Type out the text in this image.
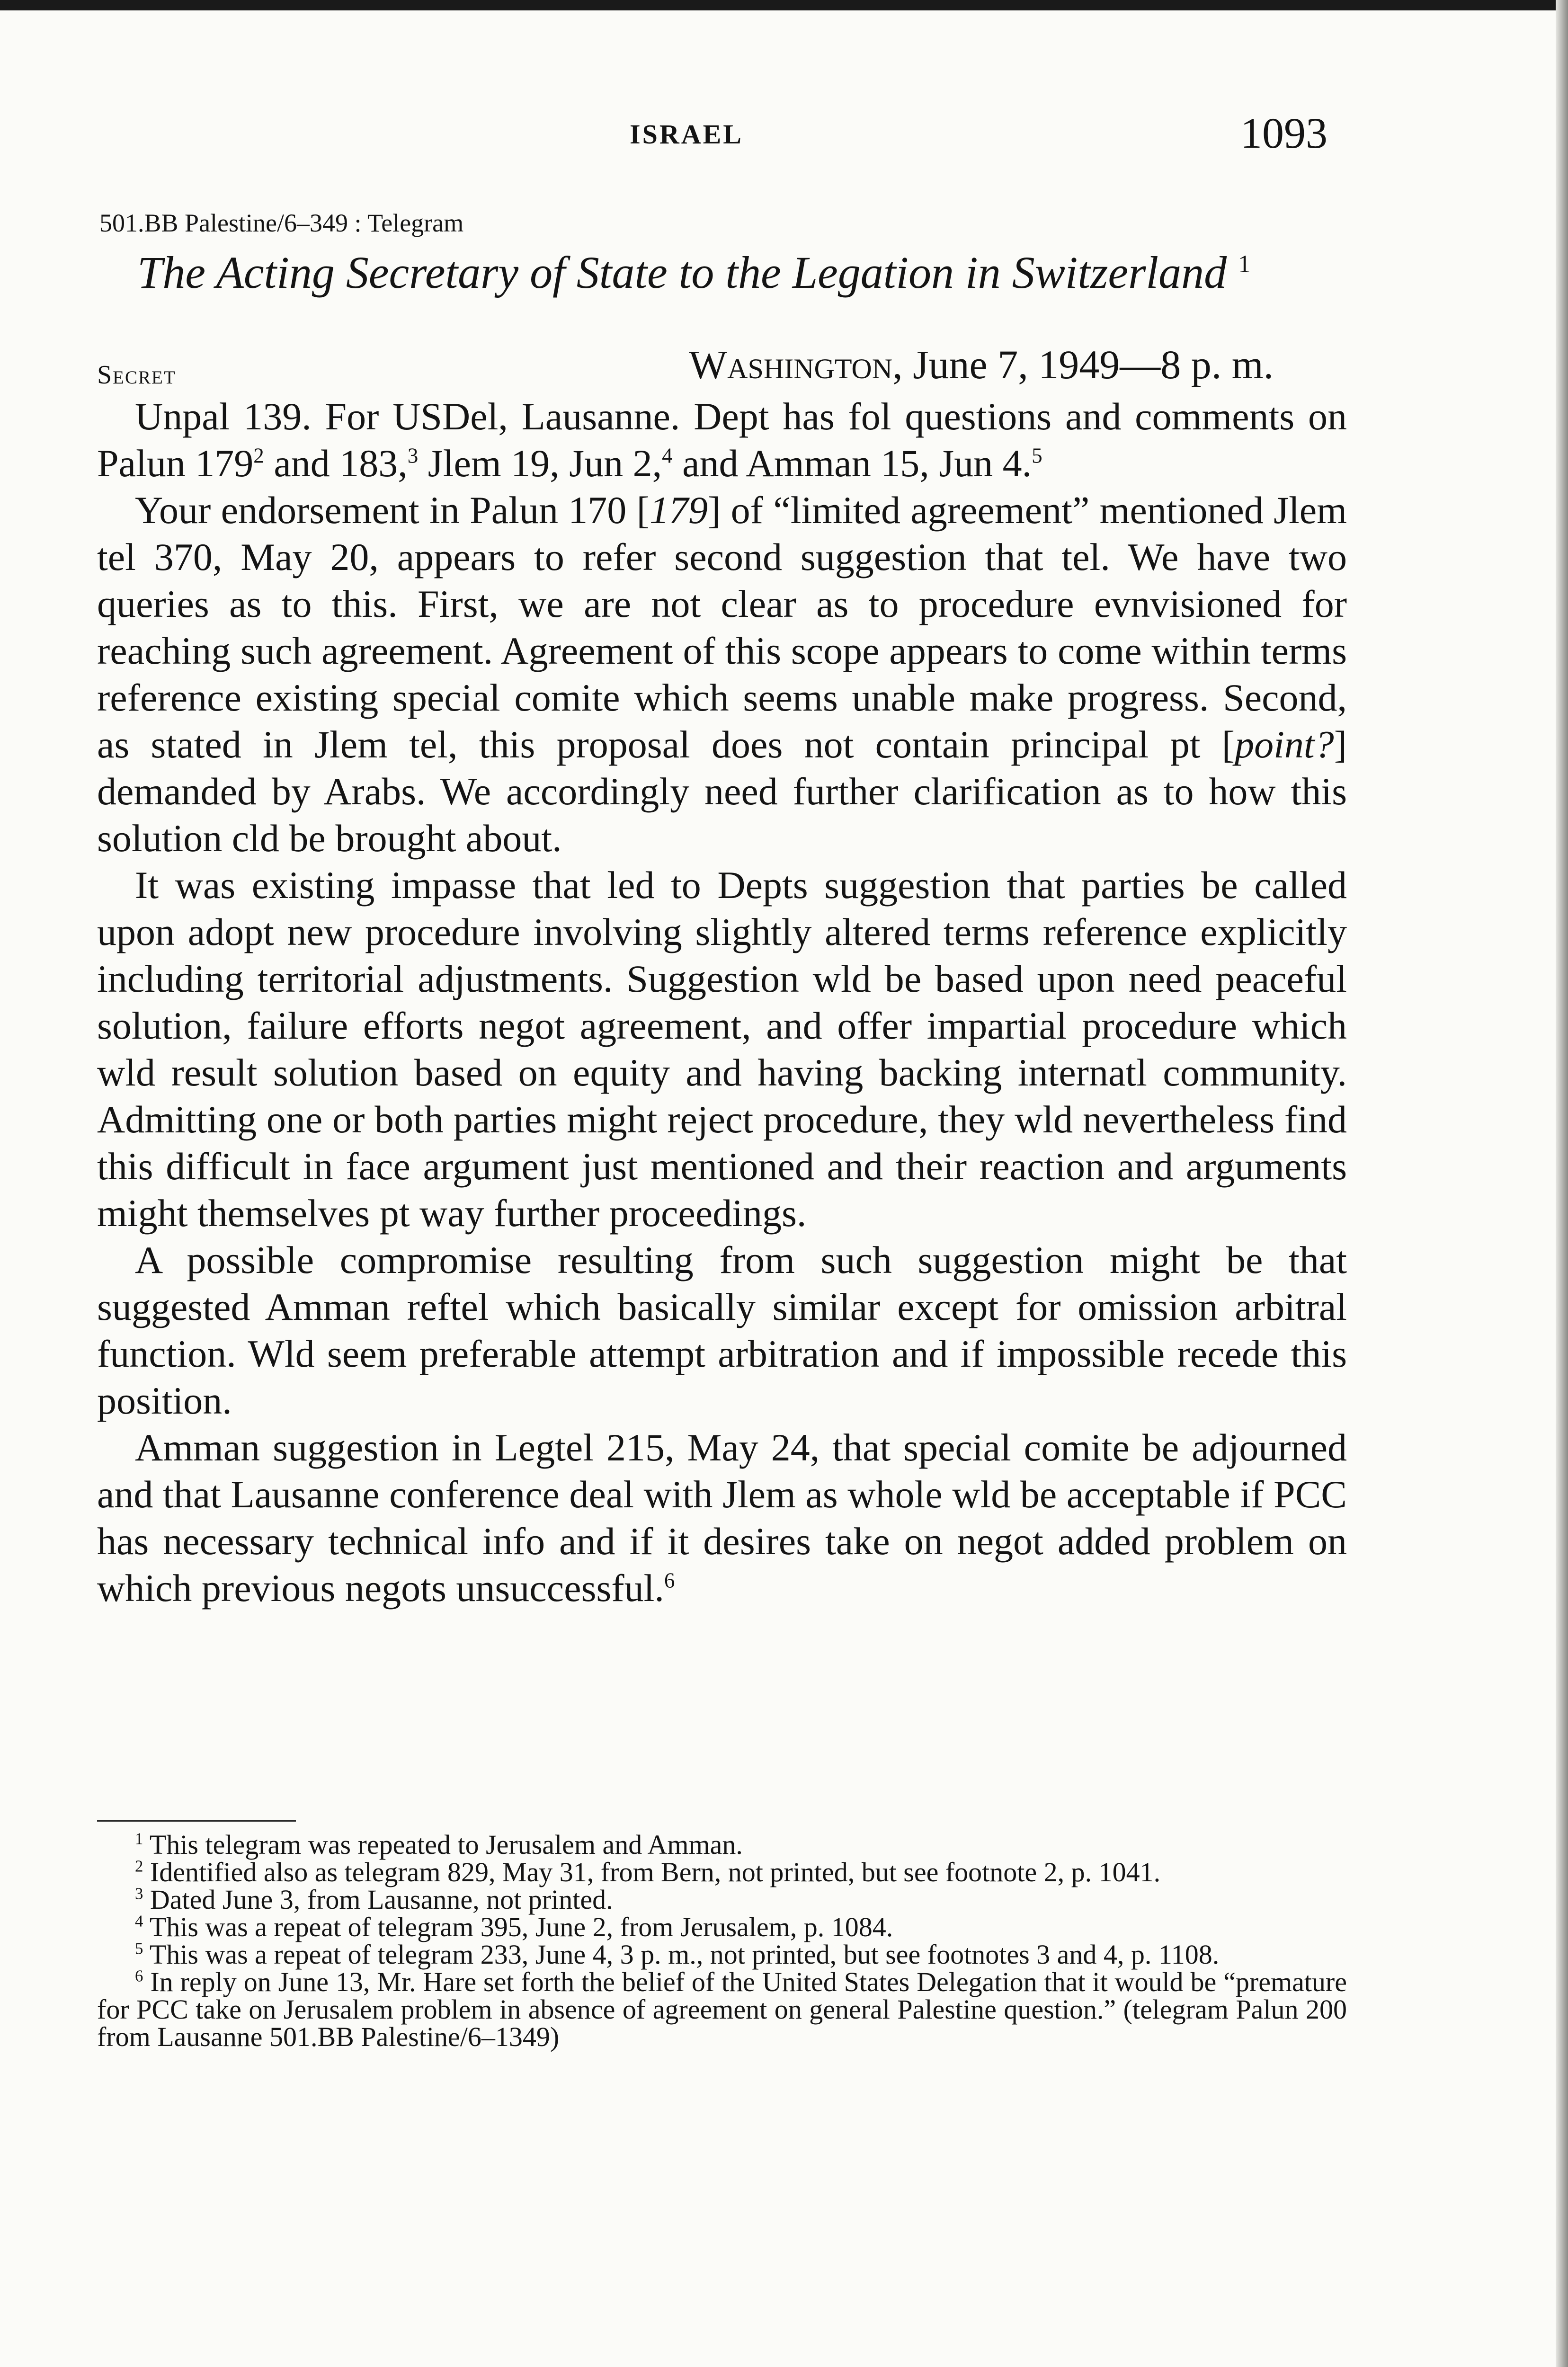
ISRAEL	1093
501.BB Palestine/6–349 : Telegram
The Acting Secretary of State to the Legation in Switzerland $^1$
Secret	Washington, June 7, 1949—8 p. m.

Unpal 139. For USDel, Lausanne. Dept has fol questions and comments on Palun 179$^2$ and 183,$^3$ Jlem 19, Jun 2,$^4$ and Amman 15, Jun 4.$^5$

Your endorsement in Palun 170 [179] of “limited agreement” mentioned Jlem tel 370, May 20, appears to refer second suggestion that tel. We have two queries as to this. First, we are not clear as to procedure evnvisioned for reaching such agreement. Agreement of this scope appears to come within terms reference existing special comite which seems unable make progress. Second, as stated in Jlem tel, this proposal does not contain principal pt [point?] demanded by Arabs. We accordingly need further clarification as to how this solution cld be brought about.

It was existing impasse that led to Depts suggestion that parties be called upon adopt new procedure involving slightly altered terms reference explicitly including territorial adjustments. Suggestion wld be based upon need peaceful solution, failure efforts negot agreement, and offer impartial procedure which wld result solution based on equity and having backing internatl community. Admitting one or both parties might reject procedure, they wld nevertheless find this difficult in face argument just mentioned and their reaction and arguments might themselves pt way further proceedings.

A possible compromise resulting from such suggestion might be that suggested Amman reftel which basically similar except for omission arbitral function. Wld seem preferable attempt arbitration and if impossible recede this position.

Amman suggestion in Legtel 215, May 24, that special comite be adjourned and that Lausanne conference deal with Jlem as whole wld be acceptable if PCC has necessary technical info and if it desires take on negot added problem on which previous negots unsuccessful.$^6$

$^1$ This telegram was repeated to Jerusalem and Amman.

$^2$ Identified also as telegram 829, May 31, from Bern, not printed, but see footnote 2, p. 1041.

$^3$ Dated June 3, from Lausanne, not printed.

$^4$ This was a repeat of telegram 395, June 2, from Jerusalem, p. 1084.

$^5$ This was a repeat of telegram 233, June 4, 3 p. m., not printed, but see footnotes 3 and 4, p. 1108.

$^6$ In reply on June 13, Mr. Hare set forth the belief of the United States Delegation that it would be “premature for PCC take on Jerusalem problem in absence of agreement on general Palestine question.” (telegram Palun 200 from Lausanne 501.BB Palestine/6–1349)
